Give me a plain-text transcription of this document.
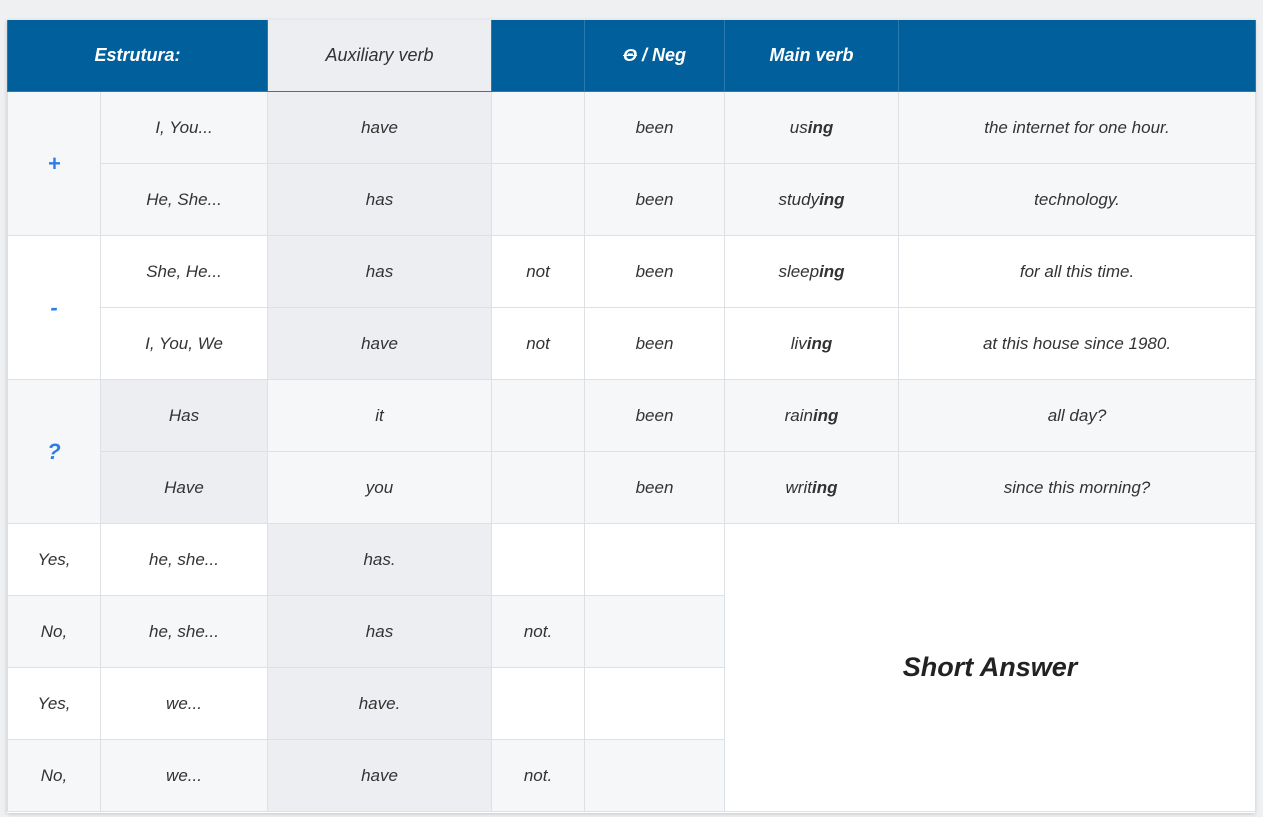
Estrutura:		Auxiliary verb		Θ / Neg	Main verb	
+	I, You...	have		been	using	the internet for one hour.
	He, She...	has		been	studying	technology.
-	She, He...	has	not	been	sleeping	for all this time.
	I, You, We	have	not	been	living	at this house since 1980.
?	Has	it		been	raining	all day?
	Have	you		been	writing	since this morning?
Yes,	he, she...	has.			Short Answer	
No,	he, she...	has	not.			
Yes,	we...	have.				
No,	we...	have	not.			
